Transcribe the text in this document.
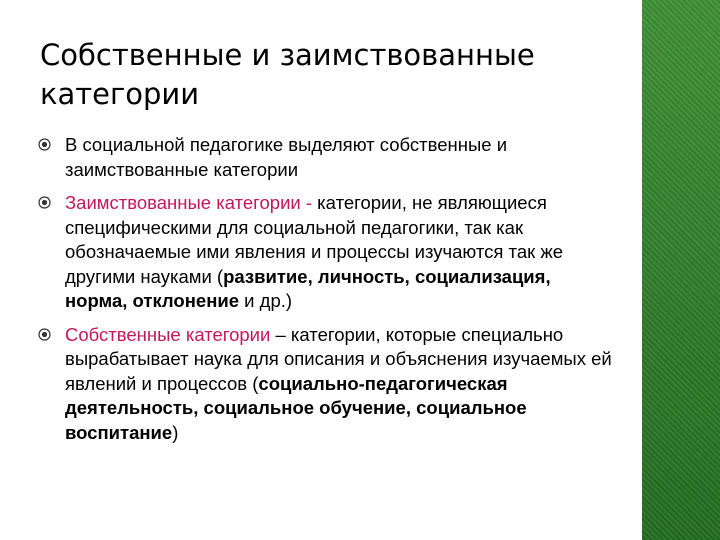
Собственные и заимствованные категории
В социальной педагогике выделяют собственные и заимствованные категории
Заимствованные категории - категории, не являющиеся специфическими для социальной педагогики, так как обозначаемые ими явления и процессы изучаются так же другими науками (развитие, личность, социализация, норма, отклонение и др.)
Собственные категории – категории, которые специально вырабатывает наука для описания и объяснения изучаемых ей явлений и процессов (социально-педагогическая деятельность, социальное обучение, социальное воспитание)
